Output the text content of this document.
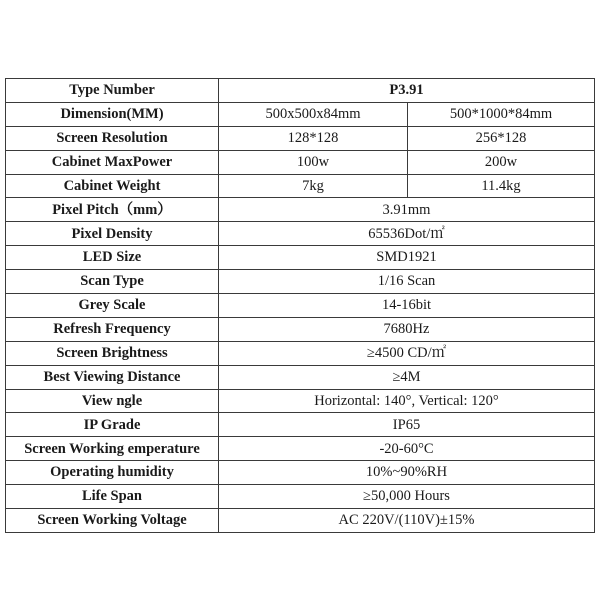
Type Number	P3.91	
Dimension(MM)	500x500x84mm	500*1000*84mm
Screen Resolution	128*128	256*128
Cabinet MaxPower	100w	200w
Cabinet Weight	7kg	11.4kg
Pixel Pitch（mm）	3.91mm	
Pixel Density	65536Dot/㎡	
LED Size	SMD1921	
Scan Type	1/16 Scan	
Grey Scale	14-16bit	
Refresh Frequency	7680Hz	
Screen Brightness	≥4500 CD/㎡	
Best Viewing Distance	≥4M	
View ngle	Horizontal: 140°, Vertical: 120°	
IP Grade	IP65	
Screen Working emperature	-20-60°C	
Operating humidity	10%~90%RH	
Life Span	≥50,000 Hours	
Screen Working Voltage	AC 220V/(110V)±15%	
